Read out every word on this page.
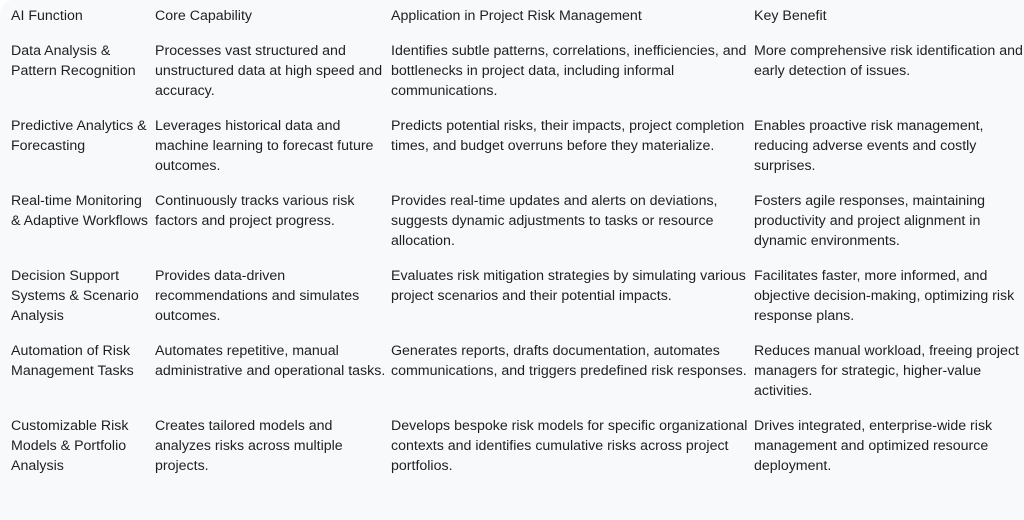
AI Function	Core Capability	Application in Project Risk Management	Key Benefit
Data Analysis & Pattern Recognition	Processes vast structured and unstructured data at high speed and accuracy.	Identifies subtle patterns, correlations, inefficiencies, and bottlenecks in project data, including informal communications.	More comprehensive risk identification and early detection of issues.
Predictive Analytics & Forecasting	Leverages historical data and machine learning to forecast future outcomes.	Predicts potential risks, their impacts, project completion times, and budget overruns before they materialize.	Enables proactive risk management, reducing adverse events and costly surprises.
Real-time Monitoring & Adaptive Workflows	Continuously tracks various risk factors and project progress.	Provides real-time updates and alerts on deviations, suggests dynamic adjustments to tasks or resource allocation.	Fosters agile responses, maintaining productivity and project alignment in dynamic environments.
Decision Support Systems & Scenario Analysis	Provides data-driven recommendations and simulates outcomes.	Evaluates risk mitigation strategies by simulating various project scenarios and their potential impacts.	Facilitates faster, more informed, and objective decision-making, optimizing risk response plans.
Automation of Risk Management Tasks	Automates repetitive, manual administrative and operational tasks.	Generates reports, drafts documentation, automates communications, and triggers predefined risk responses.	Reduces manual workload, freeing project managers for strategic, higher-value activities.
Customizable Risk Models & Portfolio Analysis	Creates tailored models and analyzes risks across multiple projects.	Develops bespoke risk models for specific organizational contexts and identifies cumulative risks across project portfolios.	Drives integrated, enterprise-wide risk management and optimized resource deployment.
